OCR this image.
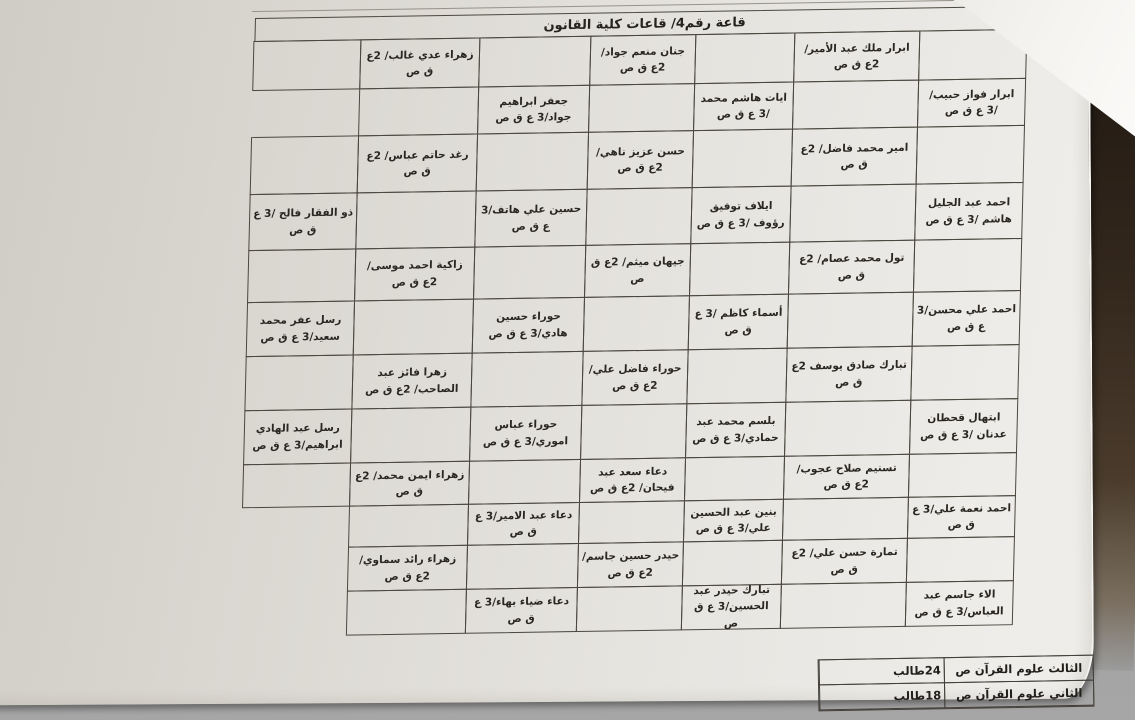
قاعة رقم4/ قاعات كلية القانون
زهراء عدي غالب/ 2ع ق ص
جنان منعم جواد/ 2ع ق ص
ابرار ملك عبد الأمير/ 2ع ق ص
جعفر ابراهيم جواد/3 ع ق ص
ايات هاشم محمد /3 ع ق ص
ابرار فواز حبيب/ /3 ع ق ص
رغد حاتم عباس/ 2ع ق ص
حسن عزيز ناهي/ 2ع ق ص
امير محمد فاضل/ 2ع ق ص
ذو الفقار فالح /3 ع ق ص
حسين علي هاتف/3 ع ق ص
ايلاف توفيق رؤوف /3 ع ق ص
احمد عبد الجليل هاشم /3 ع ق ص
زاكية احمد موسى/ 2ع ق ص
جيهان ميثم/ 2ع ق ص
تول محمد عصام/ 2ع ق ص
رسل عفر محمد سعيد/3 ع ق ص
حوراء حسين هادي/3 ع ق ص
أسماء كاظم /3 ع ق ص
احمد علي محسن/3 ع ق ص
زهرا فائز عبد الصاحب/ 2ع ق ص
حوراء فاضل علي/ 2ع ق ص
تبارك صادق يوسف 2ع ق ص
رسل عبد الهادي ابراهيم/3 ع ق ص
حوراء عباس اموري/3 ع ق ص
بلسم محمد عبد حمادي/3 ع ق ص
ابتهال قحطان عدنان /3 ع ق ص
زهراء ايمن محمد/ 2ع ق ص
دعاء سعد عبد فيحان/ 2ع ق ص
تسنيم صلاح عجوب/ 2ع ق ص
دعاء عبد الامير/3 ع ق ص
بنين عبد الحسين علي/3 ع ق ص
احمد نعمة علي/3 ع ق ص
زهراء رائد سماوي/ 2ع ق ص
حيدر حسين جاسم/ 2ع ق ص
تمارة حسن علي/ 2ع ق ص
دعاء ضياء بهاء/3 ع ق ص
تبارك حيدر عبد الحسين/3 ع ق ص
الاء جاسم عبد العباس/3 ع ق ص
الثالث علوم القرآن ص
24طالب
الثاني علوم القرآن ص
18طالب
